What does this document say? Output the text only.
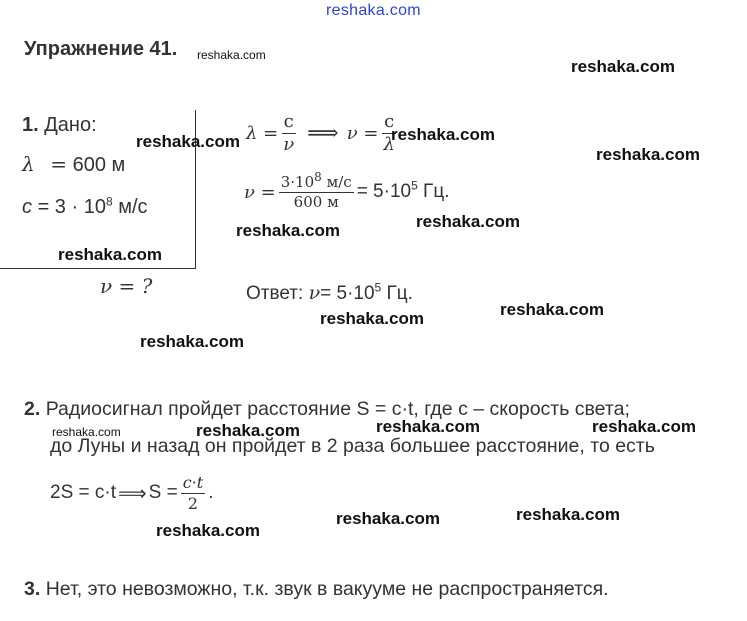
reshaka.com
Упражнение 41. reshaka.com
1. Дано:
λ = 600 м
$c = 3 \cdot 10^8$ м/с
ν = ?
$\lambda = \frac{c}{\nu}$ ⟹ $\nu = \frac{c}{\lambda}$
$\nu = \frac{3\cdot 10^8 м/с}{600 м} = 5\cdot 10^5$ Гц.
Ответ: $\nu= 5\cdot 10^5$ Гц.
2. Радиосигнал пройдет расстояние S = c·t, где c – скорость света;
до Луны и назад он пройдет в 2 раза большее расстояние, то есть
2S = c·t ⟹ $S = \frac{c\cdot t}{2}$ .
3. Нет, это невозможно, т.к. звук в вакууме не распространяется.
reshaka.com
reshaka.com	reshaka.com
reshaka.com
reshaka.com	reshaka.com
reshaka.com
reshaka.com	reshaka.com
reshaka.com
reshaka.com	reshaka.com	reshaka.com	reshaka.com
reshaka.com
reshaka.com
reshaka.com
